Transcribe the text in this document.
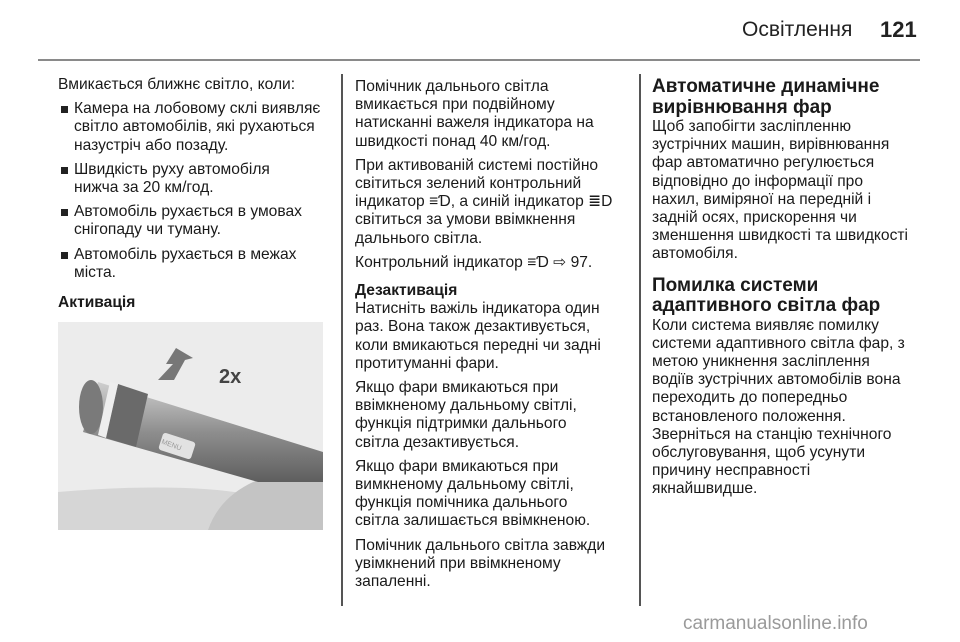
Освітлення 121
Вмикається ближнє світло, коли:
Камера на лобовому склі виявляє
світло автомобілів, які рухаються
назустріч або позаду.
Швидкість руху автомобіля
нижча за 20 км/год.
Автомобіль рухається в умовах
снігопаду чи туману.
Автомобіль рухається в межах
міста.
Активація
Помічник дальнього світла
вмикається при подвійному
натисканні важеля індикатора на
швидкості понад 40 км/год.
При активованій системі постійно
світиться зелений контрольний
індикатор ≡Ɗ, а синій індикатор ≣D
світиться за умови ввімкнення
дальнього світла.
Контрольний індикатор ≡Ɗ ⇨ 97.
Дезактивація
Натисніть важіль індикатора один
раз. Вона також дезактивується,
коли вмикаються передні чи задні
протитуманні фари.
Якщо фари вмикаються при
ввімкненому дальньому світлі,
функція підтримки дальнього
світла дезактивується.
Якщо фари вмикаються при
вимкненому дальньому світлі,
функція помічника дальнього
світла залишається ввімкненою.
Помічник дальнього світла завжди
увімкнений при ввімкненому
запаленні.
Автоматичне динамічне
вирівнювання фар
Щоб запобігти засліпленню
зустрічних машин, вирівнювання
фар автоматично регулюється
відповідно до інформації про
нахил, виміряної на передній і
задній осях, прискорення чи
зменшення швидкості та швидкості
автомобіля.
Помилка системи
адаптивного світла фар
Коли система виявляє помилку
системи адаптивного світла фар, з
метою уникнення засліплення
водіїв зустрічних автомобілів вона
переходить до попередньо
встановленого положення.
Зверніться на станцію технічного
обслуговування, щоб усунути
причину несправності
якнайшвидше.
2x
MENU
carmanualsonline.info
